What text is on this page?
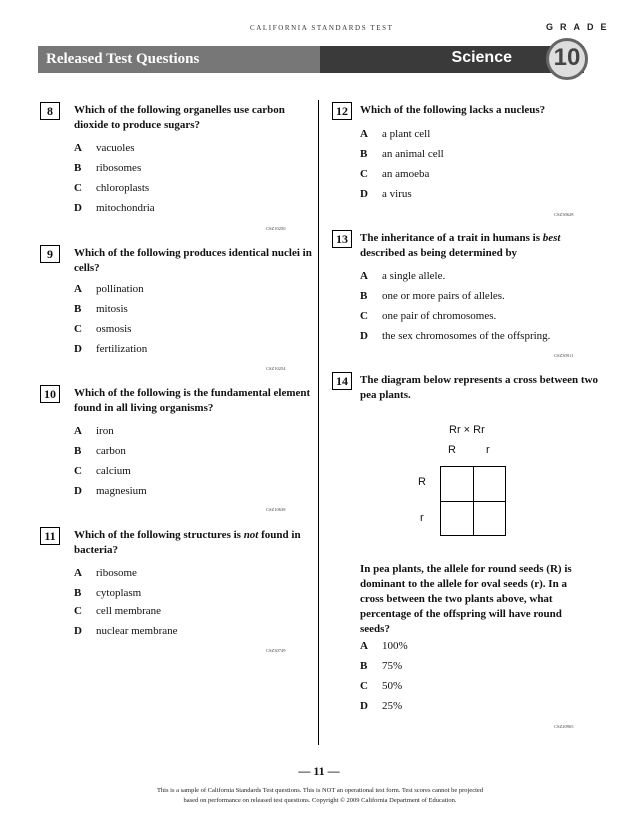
CALIFORNIA STANDARDS TEST	GRADE
Released Test Questions	Science 10
8	Which of the following organelles use carbon dioxide to produce sugars?
A vacuoles
B ribosomes
C chloroplasts
D mitochondria
CSZ10250
9	Which of the following produces identical nuclei in cells?
A pollination
B mitosis
C osmosis
D fertilization
CSZ10254
10	Which of the following is the fundamental element found in all living organisms?
A iron
B carbon
C calcium
D magnesium
CSZ10638
11	Which of the following structures is not found in bacteria?
A ribosome
B cytoplasm
C cell membrane
D nuclear membrane
CSZ30749
12	Which of the following lacks a nucleus?
A a plant cell
B an animal cell
C an amoeba
D a virus
CSZ30628
13	The inheritance of a trait in humans is best described as being determined by
A a single allele.
B one or more pairs of alleles.
C one pair of chromosomes.
D the sex chromosomes of the offspring.
CSZ30911
14	The diagram below represents a cross between two pea plants.
In pea plants, the allele for round seeds (R) is dominant to the allele for oval seeds (r). In a cross between the two plants above, what percentage of the offspring will have round seeds?
A 100%
B 75%
C 50%
D 25%
CSZ20965
Rr × Rr
R	r
R
r
— 11 —
This is a sample of California Standards Test questions. This is NOT an operational test form. Test scores cannot be projected
based on performance on released test questions. Copyright © 2009 California Department of Education.
